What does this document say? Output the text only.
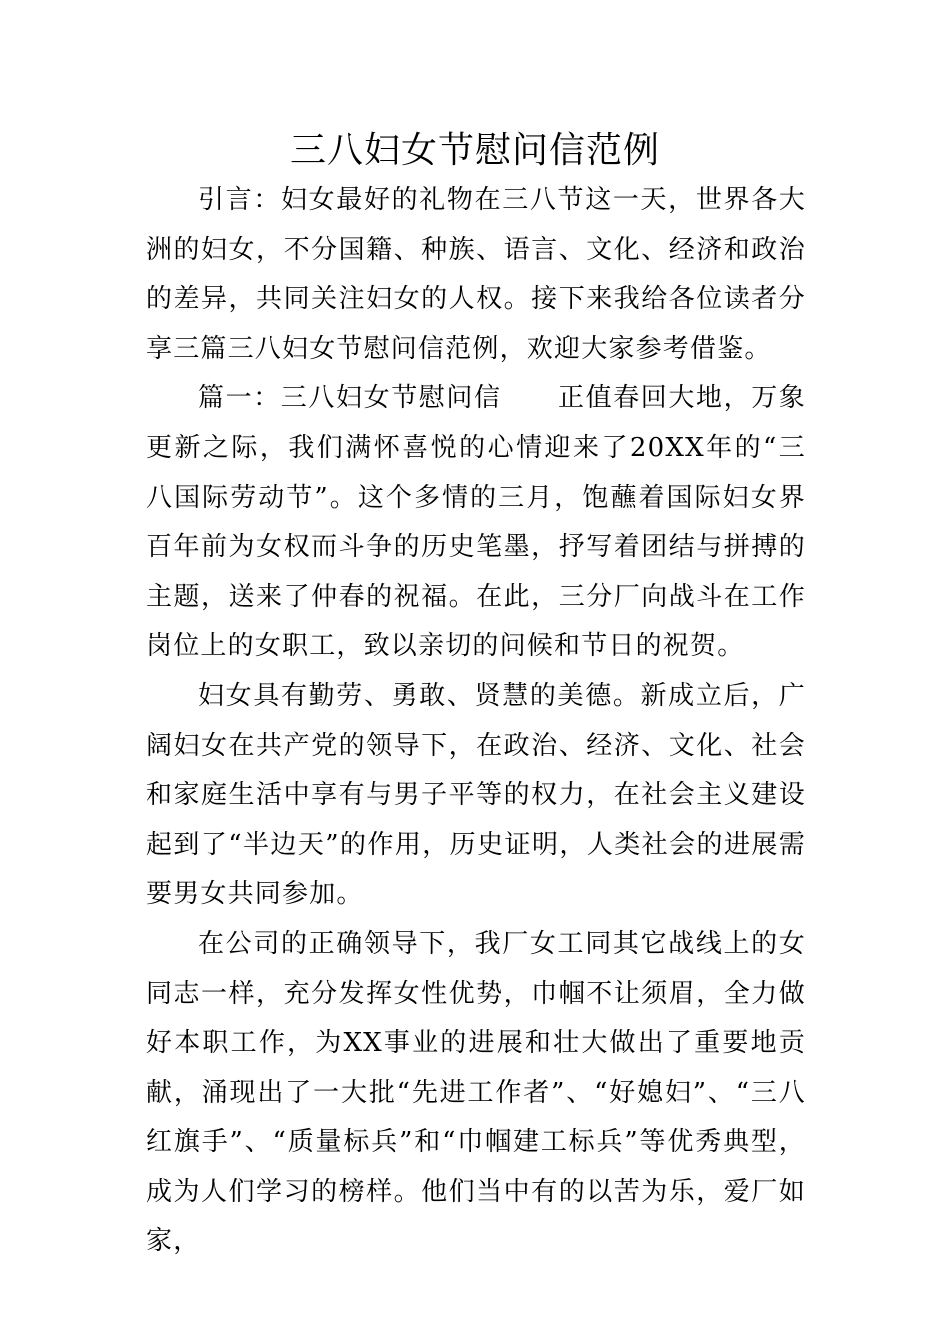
三八妇女节慰问信范例

引言：妇女最好的礼物在三八节这一天，世界各大洲的妇女，不分国籍、种族、语言、文化、经济和政治的差异，共同关注妇女的人权。接下来我给各位读者分享三篇三八妇女节慰问信范例，欢迎大家参考借鉴。

篇一：三八妇女节慰问信 正值春回大地，万象更新之际，我们满怀喜悦的心情迎来了20XX年的“三八国际劳动节”。这个多情的三月，饱蘸着国际妇女界百年前为女权而斗争的历史笔墨，抒写着团结与拼搏的主题，送来了仲春的祝福。在此，三分厂向战斗在工作岗位上的女职工，致以亲切的问候和节日的祝贺。

妇女具有勤劳、勇敢、贤慧的美德。新成立后，广阔妇女在共产党的领导下，在政治、经济、文化、社会和家庭生活中享有与男子平等的权力，在社会主义建设起到了“半边天”的作用，历史证明，人类社会的进展需要男女共同参加。

在公司的正确领导下，我厂女工同其它战线上的女同志一样，充分发挥女性优势，巾帼不让须眉，全力做好本职工作，为XX事业的进展和壮大做出了重要地贡献，涌现出了一大批“先进工作者”、“好媳妇”、“三八红旗手”、“质量标兵”和“巾帼建工标兵”等优秀典型，成为人们学习的榜样。他们当中有的以苦为乐，爱厂如家，
